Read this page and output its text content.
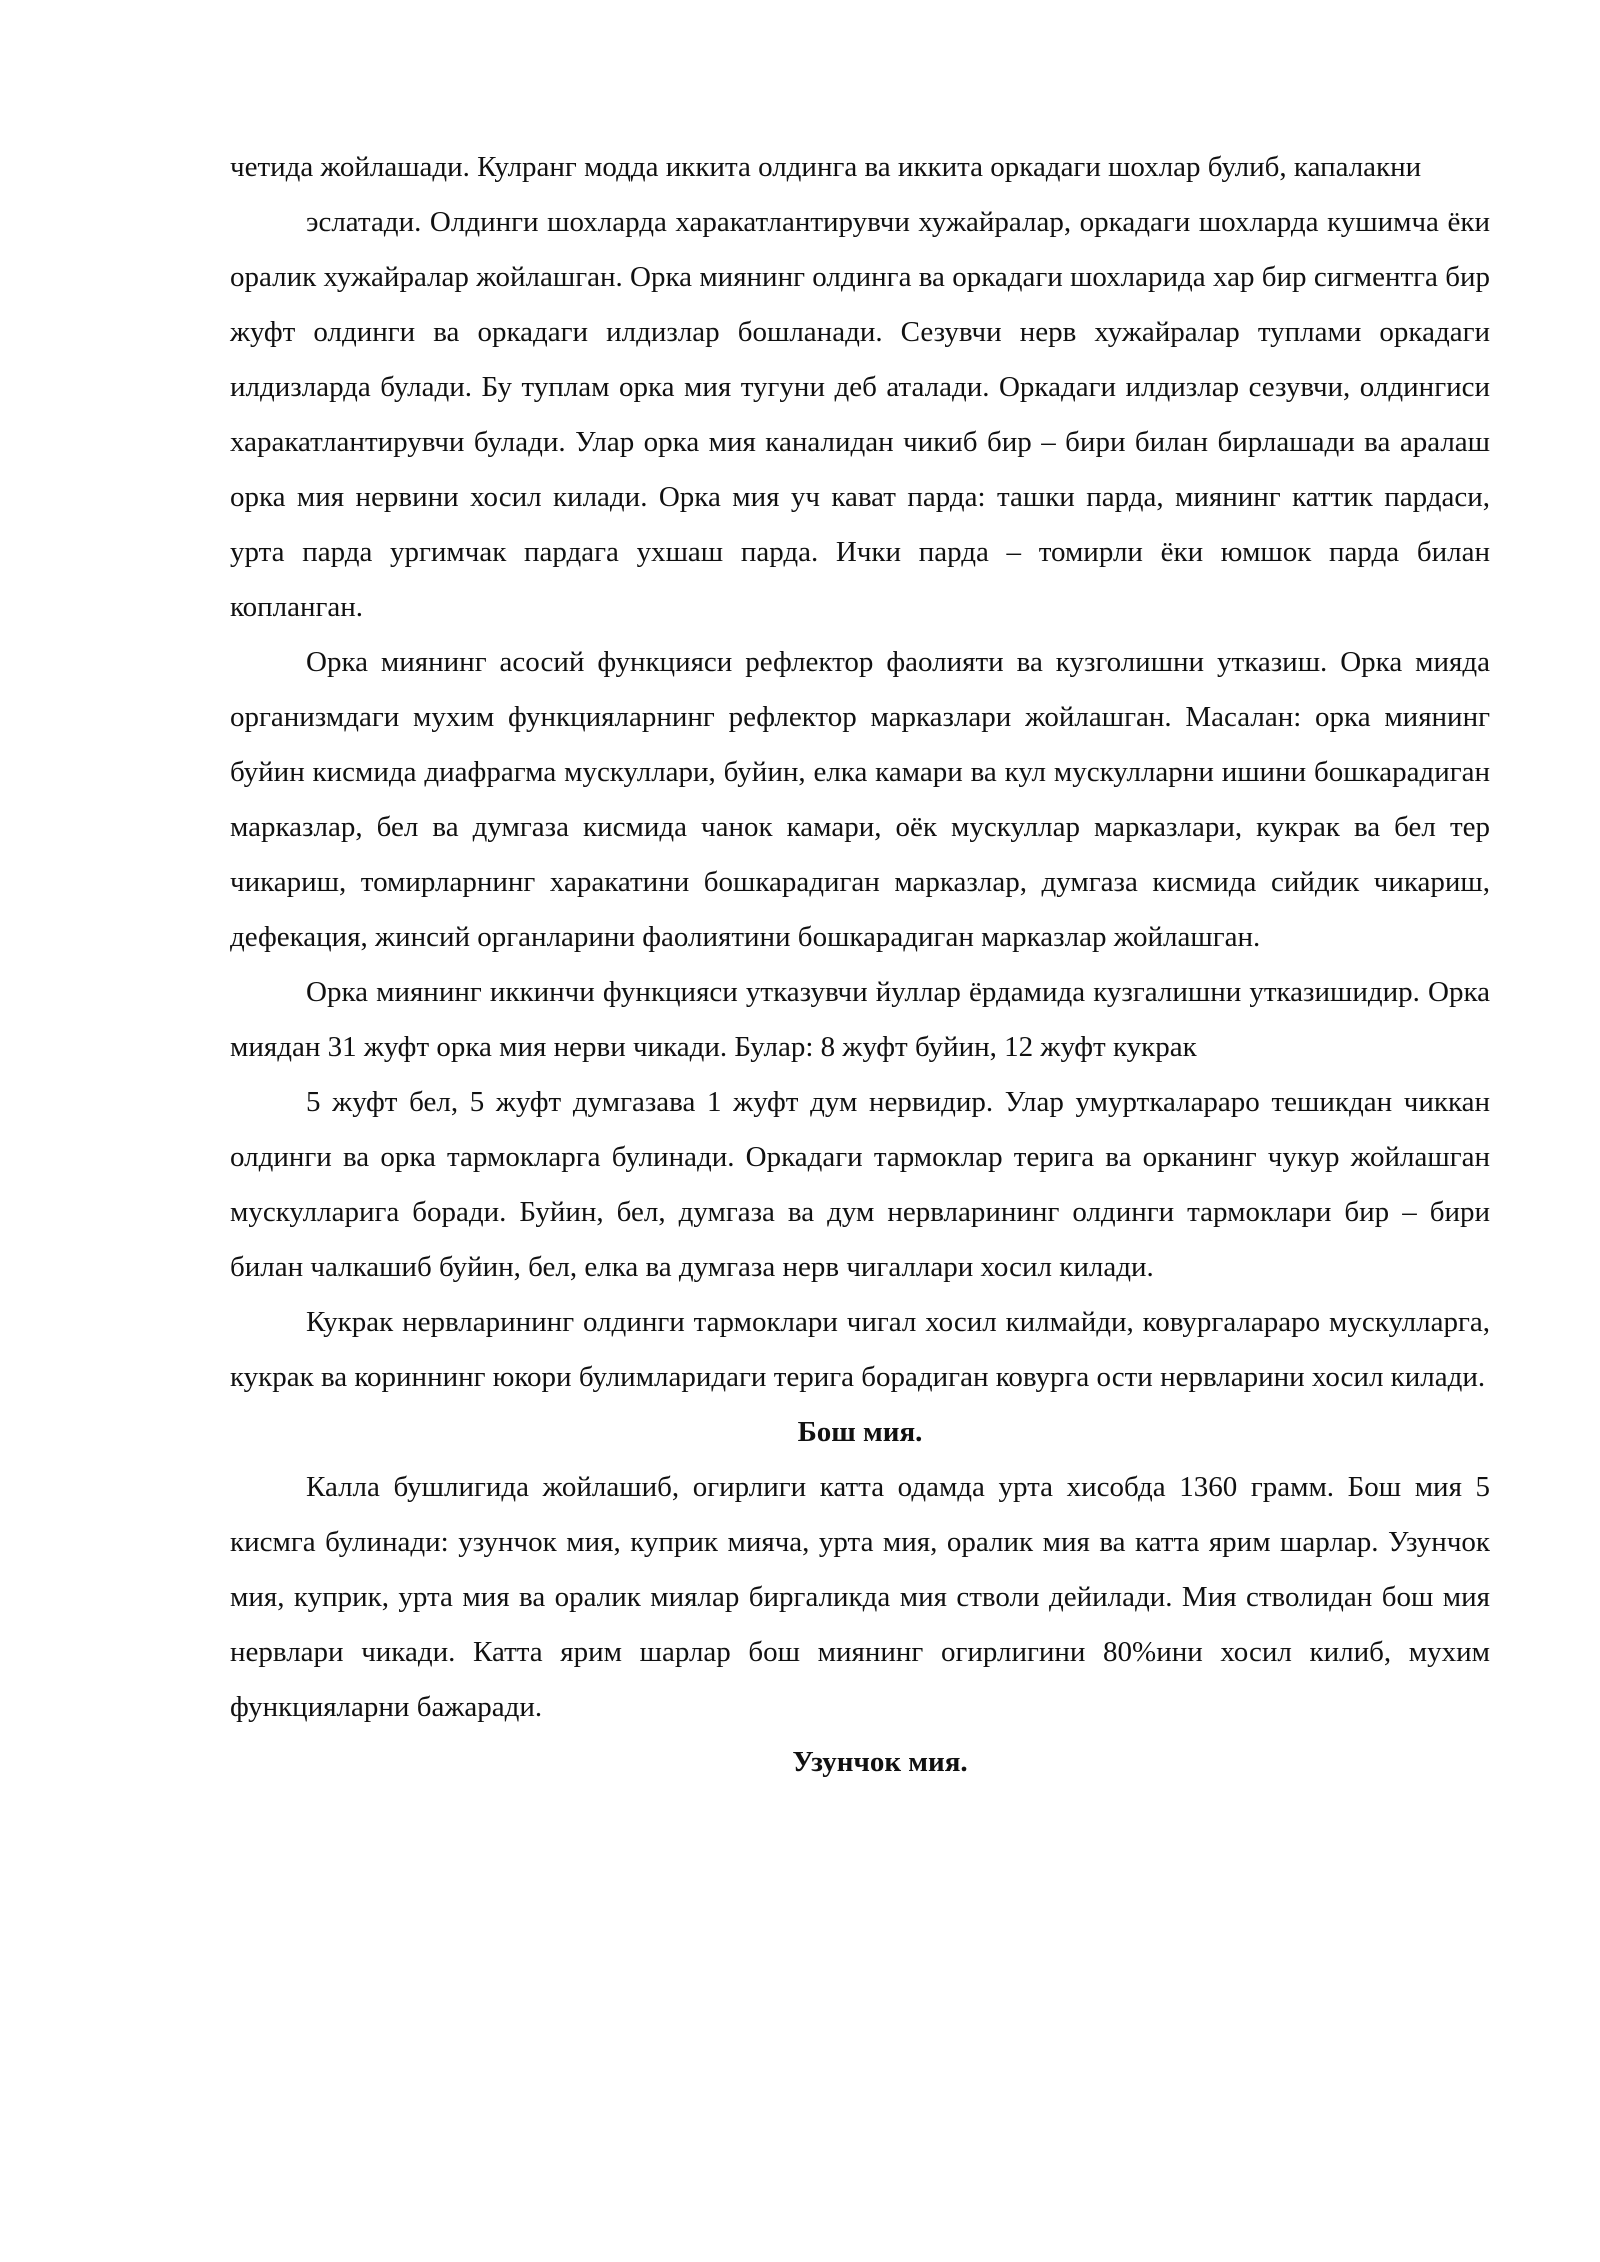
четида жойлашади. Кулранг модда иккита олдинга ва иккита оркадаги шохлар булиб, капалакни

эслатади. Олдинги шохларда харакатлантирувчи хужайралар, оркадаги шохларда кушимча ёки оралик хужайралар жойлашган. Орка миянинг олдинга ва оркадаги шохларида хар бир сигментга бир жуфт олдинги ва оркадаги илдизлар бошланади. Сезувчи нерв хужайралар туплами оркадаги илдизларда булади. Бу туплам орка мия тугуни деб аталади. Оркадаги илдизлар сезувчи, олдингиси харакатлантирувчи булади. Улар орка мия каналидан чикиб бир – бири билан бирлашади ва аралаш орка мия нервини хосил килади. Орка мия уч кават парда: ташки парда, миянинг каттик пардаси, урта парда ургимчак пардага ухшаш парда. Ички парда – томирли ёки юмшок парда билан копланган.

Орка миянинг асосий функцияси рефлектор фаолияти ва кузголишни утказиш. Орка мияда организмдаги мухим функцияларнинг рефлектор марказлари жойлашган. Масалан: орка миянинг буйин кисмида диафрагма мускуллари, буйин, елка камари ва кул мускулларни ишини бошкарадиган марказлар, бел ва думгаза кисмида чанок камари, оёк мускуллар марказлари, кукрак ва бел тер чикариш, томирларнинг харакатини бошкарадиган марказлар, думгаза кисмида сийдик чикариш, дефекация, жинсий органларини фаолиятини бошкарадиган марказлар жойлашган.

Орка миянинг иккинчи функцияси утказувчи йуллар ёрдамида кузгалишни утказишидир. Орка миядан 31 жуфт орка мия нерви чикади. Булар: 8 жуфт буйин, 12 жуфт кукрак

5 жуфт бел, 5 жуфт думгазава 1 жуфт дум нервидир. Улар умурткалараро тешикдан чиккан олдинги ва орка тармокларга булинади. Оркадаги тармоклар терига ва орканинг чукур жойлашган мускулларига боради. Буйин, бел, думгаза ва дум нервларининг олдинги тармоклари бир – бири билан чалкашиб буйин, бел, елка ва думгаза нерв чигаллари хосил килади.

Кукрак нервларининг олдинги тармоклари чигал хосил килмайди, ковургалараро мускулларга, кукрак ва кориннинг юкори булимларидаги терига борадиган ковурга ости нервларини хосил килади.

Бош мия.

Калла бушлигида жойлашиб, огирлиги катта одамда урта хисобда 1360 грамм. Бош мия 5 кисмга булинади: узунчок мия, куприк мияча, урта мия, оралик мия ва катта ярим шарлар. Узунчок мия, куприк, урта мия ва оралик миялар биргаликда мия стволи дейилади. Мия стволидан бош мия нервлари чикади. Катта ярим шарлар бош миянинг огирлигини 80%ини хосил килиб, мухим функцияларни бажаради.

Узунчок мия.
